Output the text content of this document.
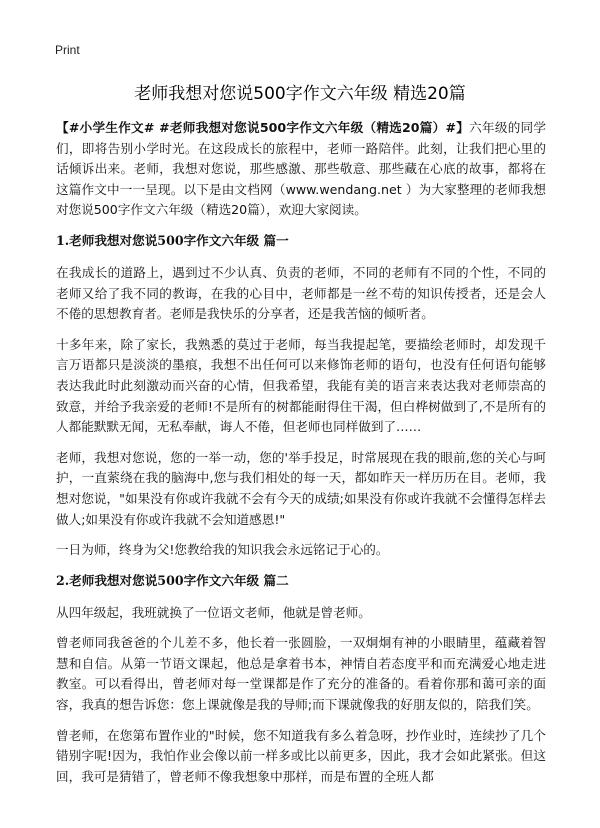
Print
老师我想对您说500字作文六年级 精选20篇

【#小学生作文# #老师我想对您说500字作文六年级（精选20篇）#】六年级的同学们，即将告别小学时光。在这段成长的旅程中，老师一路陪伴。此刻，让我们把心里的话倾诉出来。老师，我想对您说，那些感激、那些敬意、那些藏在心底的故事，都将在这篇作文中一一呈现。以下是由文档网（www.wendang.net ）为大家整理的老师我想对您说500字作文六年级（精选20篇），欢迎大家阅读。

1.老师我想对您说500字作文六年级 篇一

在我成长的道路上，遇到过不少认真、负责的老师，不同的老师有不同的个性，不同的老师又给了我不同的教诲，在我的心目中，老师都是一丝不苟的知识传授者，还是会人不倦的思想教育者。老师是我快乐的分享者，还是我苦恼的倾听者。

十多年来，除了家长，我熟悉的莫过于老师，每当我提起笔，要描绘老师时，却发现千言万语都只是淡淡的墨痕，我想不出任何可以来修饰老师的语句，也没有任何语句能够表达我此时此刻激动而兴奋的心情，但我希望，我能有美的语言来表达我对老师崇高的致意，并给予我亲爱的老师!不是所有的树都能耐得住干渴，但白桦树做到了,不是所有的人都能默默无闻，无私奉献，诲人不倦，但老师也同样做到了……

老师，我想对您说，您的一举一动，您的'举手投足，时常展现在我的眼前,您的关心与呵护，一直萦绕在我的脑海中,您与我们相处的每一天，都如昨天一样历历在目。老师，我想对您说，"如果没有你或许我就不会有今天的成绩;如果没有你或许我就不会懂得怎样去做人;如果没有你或许我就不会知道感恩!"

一日为师，终身为父!您教给我的知识我会永远铭记于心的。

2.老师我想对您说500字作文六年级 篇二

从四年级起，我班就换了一位语文老师，他就是曾老师。

曾老师同我爸爸的个儿差不多，他长着一张圆脸，一双炯炯有神的小眼睛里，蕴藏着智慧和自信。从第一节语文课起，他总是拿着书本，神情自若态度平和而充满爱心地走进教室。可以看得出，曾老师对每一堂课都是作了充分的准备的。看着你那和蔼可亲的面容，我真的想告诉您：您上课就像是我的导师;而下课就像我的好朋友似的，陪我们笑。

曾老师，在您第布置作业的"时候，您不知道我有多么着急呀，抄作业时，连续抄了几个错别字呢!因为，我怕作业会像以前一样多或比以前更多，因此，我才会如此紧张。但这回，我可是猜错了，曾老师不像我想象中那样，而是布置的全班人都
